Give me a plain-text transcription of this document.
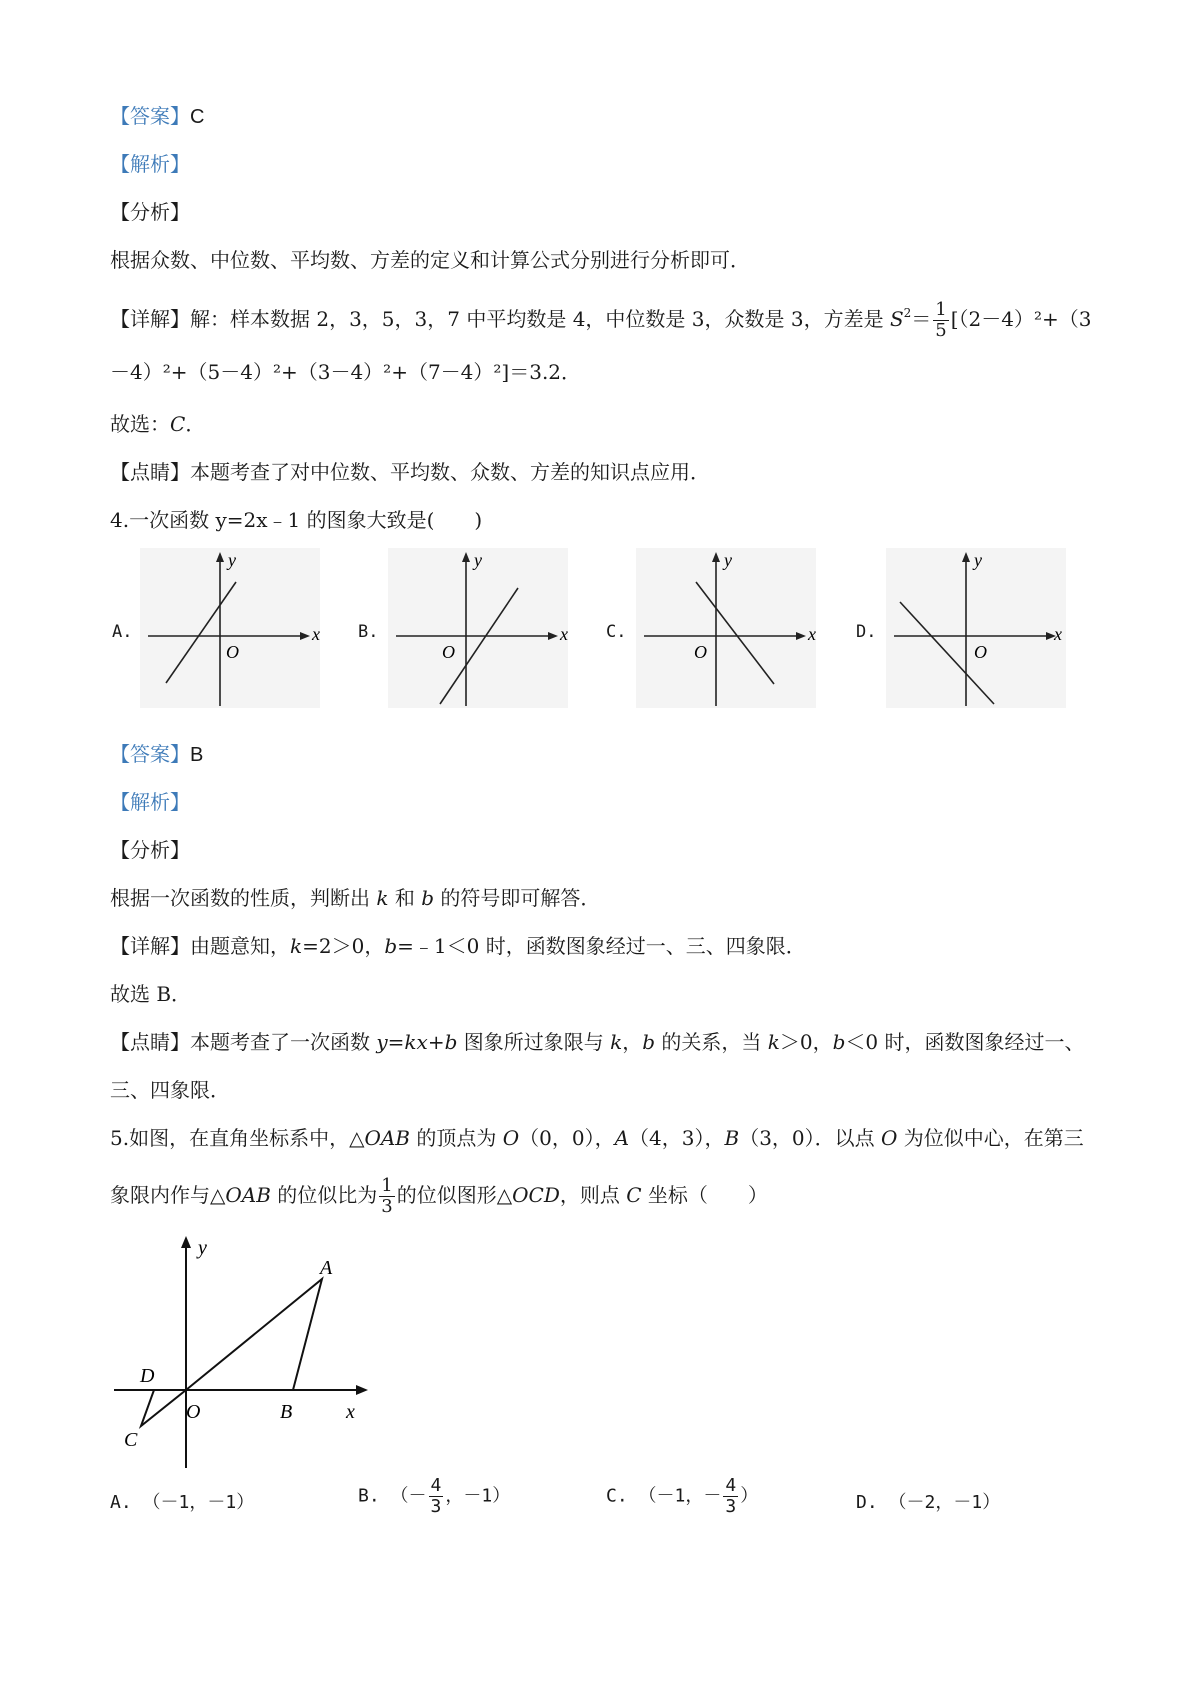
【答案】C
【解析】
【分析】
根据众数、中位数、平均数、方差的定义和计算公式分别进行分析即可．
【详解】解：样本数据 2，3，5，3，7 中平均数是 4，中位数是 3，众数是 3，方差是 $S^2= \frac{1}{5} [(2-4)^2+(3$
－4）²+（5－4）²+（3－4）²+（7－4）²]＝3.2．
故选：C．
【点睛】本题考查了对中位数、平均数、众数、方差的知识点应用．
4.一次函数 y=2x﹣1 的图象大致是(　　)
A.	x
y
O
B.	x
y
O
C.	x
y
O
D.	x
y
O
【答案】B
【解析】
【分析】
根据一次函数的性质，判断出 k 和 b 的符号即可解答．
【详解】由题意知，k=2＞0，b=﹣1＜0 时，函数图象经过一、三、四象限．
故选 B．
【点睛】本题考查了一次函数 y=kx+b 图象所过象限与 k，b 的关系，当 k＞0，b＜0 时，函数图象经过一、
三、四象限．
5.如图，在直角坐标系中，△OAB 的顶点为 O（0，0），A（4，3），B（3，0）．以点 O 为位似中心，在第三
象限内作与△OAB 的位似比为 $\frac{1}{3}$ 的位似图形△OCD，则点 C 坐标（　　）
y
x
A
B
O
C
D
A. （－1，－1）	B. （－ $\frac{4}{3}$ ，－1）	C. （－1，－ $\frac{4}{3}$ ）	D. （－2，－1）
